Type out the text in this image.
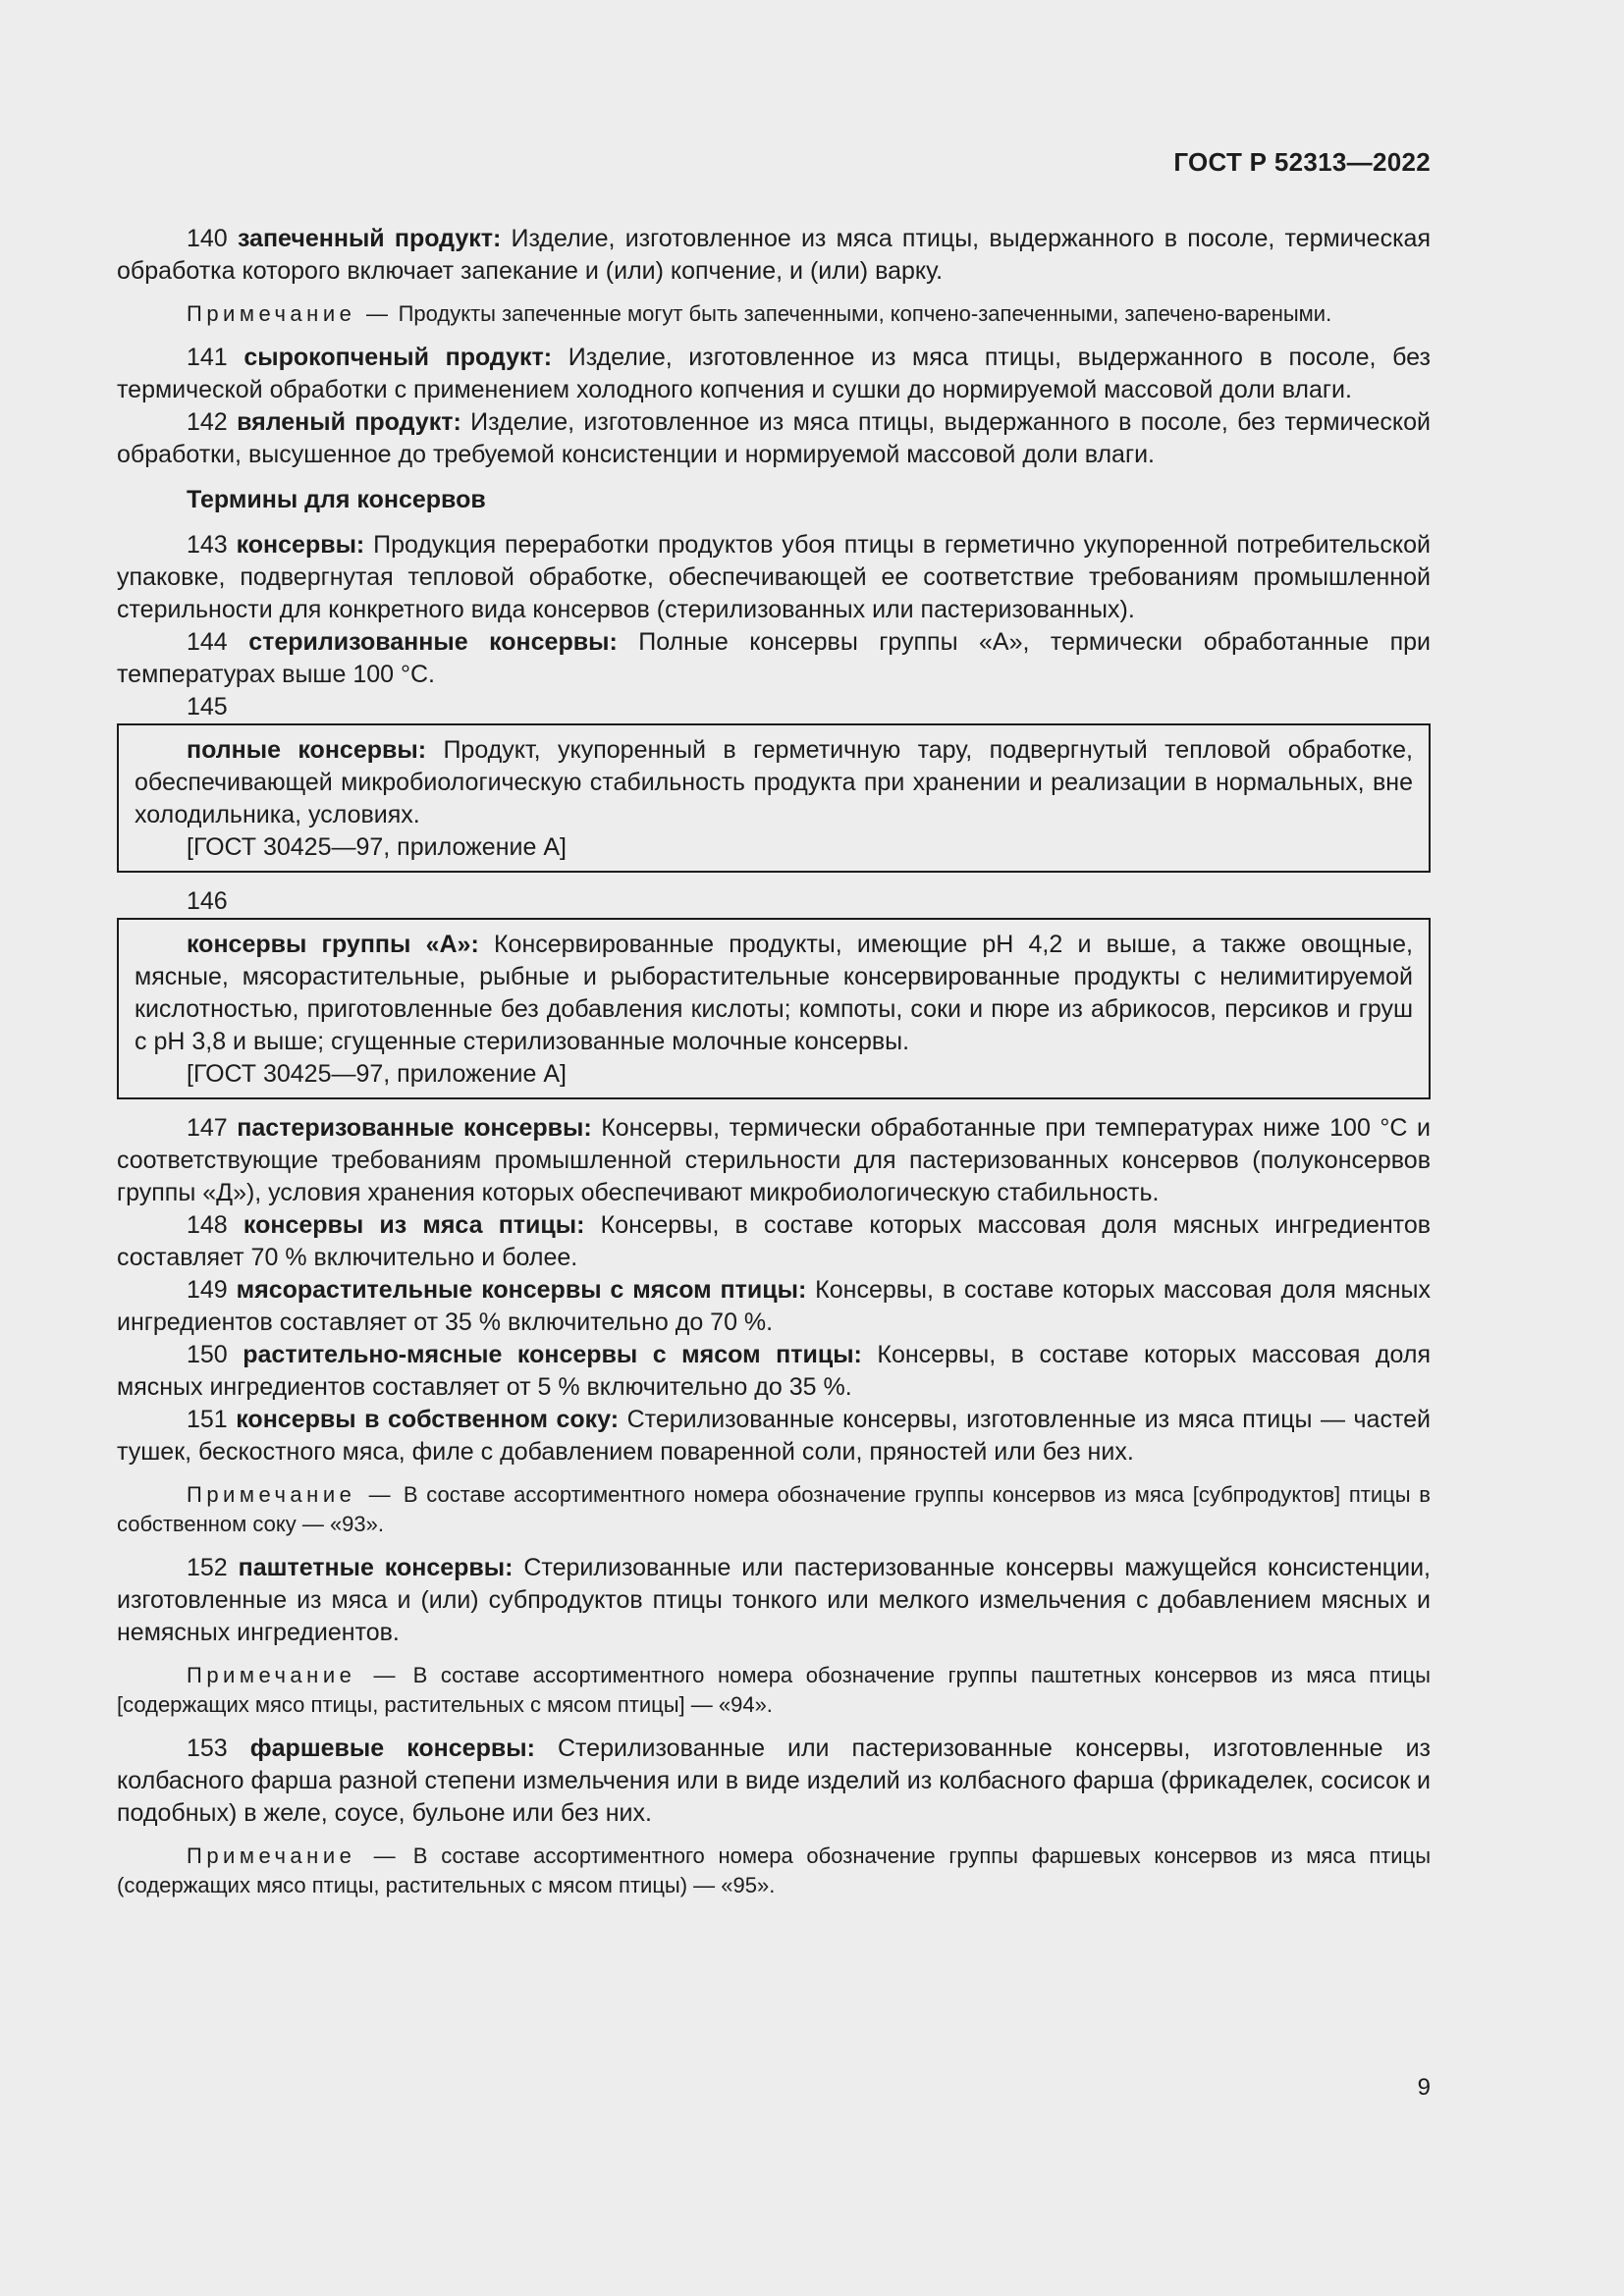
ГОСТ Р 52313—2022

140 запеченный продукт: Изделие, изготовленное из мяса птицы, выдержанного в посоле, термическая обработка которого включает запекание и (или) копчение, и (или) варку.

Примечание — Продукты запеченные могут быть запеченными, копчено-запеченными, запечено-вареными.

141 сырокопченый продукт: Изделие, изготовленное из мяса птицы, выдержанного в посоле, без термической обработки с применением холодного копчения и сушки до нормируемой массовой доли влаги.

142 вяленый продукт: Изделие, изготовленное из мяса птицы, выдержанного в посоле, без термической обработки, высушенное до требуемой консистенции и нормируемой массовой доли влаги.

Термины для консервов

143 консервы: Продукция переработки продуктов убоя птицы в герметично укупоренной потребительской упаковке, подвергнутая тепловой обработке, обеспечивающей ее соответствие требованиям промышленной стерильности для конкретного вида консервов (стерилизованных или пастеризованных).

144 стерилизованные консервы: Полные консервы группы «А», термически обработанные при температурах выше 100 °С.

145

полные консервы: Продукт, укупоренный в герметичную тару, подвергнутый тепловой обработке, обеспечивающей микробиологическую стабильность продукта при хранении и реализации в нормальных, вне холодильника, условиях.

[ГОСТ 30425—97, приложение А]
146

консервы группы «А»: Консервированные продукты, имеющие pH 4,2 и выше, а также овощные, мясные, мясорастительные, рыбные и рыборастительные консервированные продукты с нелимитируемой кислотностью, приготовленные без добавления кислоты; компоты, соки и пюре из абрикосов, персиков и груш с pH 3,8 и выше; сгущенные стерилизованные молочные консервы.

[ГОСТ 30425—97, приложение А]

147 пастеризованные консервы: Консервы, термически обработанные при температурах ниже 100 °С и соответствующие требованиям промышленной стерильности для пастеризованных консервов (полуконсервов группы «Д»), условия хранения которых обеспечивают микробиологическую стабильность.

148 консервы из мяса птицы: Консервы, в составе которых массовая доля мясных ингредиентов составляет 70 % включительно и более.

149 мясорастительные консервы с мясом птицы: Консервы, в составе которых массовая доля мясных ингредиентов составляет от 35 % включительно до 70 %.

150 растительно-мясные консервы с мясом птицы: Консервы, в составе которых массовая доля мясных ингредиентов составляет от 5 % включительно до 35 %.

151 консервы в собственном соку: Стерилизованные консервы, изготовленные из мяса птицы — частей тушек, бескостного мяса, филе с добавлением поваренной соли, пряностей или без них.

Примечание — В составе ассортиментного номера обозначение группы консервов из мяса [субпродуктов] птицы в собственном соку — «93».

152 паштетные консервы: Стерилизованные или пастеризованные консервы мажущейся консистенции, изготовленные из мяса и (или) субпродуктов птицы тонкого или мелкого измельчения с добавлением мясных и немясных ингредиентов.

Примечание — В составе ассортиментного номера обозначение группы паштетных консервов из мяса птицы [содержащих мясо птицы, растительных с мясом птицы] — «94».

153 фаршевые консервы: Стерилизованные или пастеризованные консервы, изготовленные из колбасного фарша разной степени измельчения или в виде изделий из колбасного фарша (фрикаделек, сосисок и подобных) в желе, соусе, бульоне или без них.

Примечание — В составе ассортиментного номера обозначение группы фаршевых консервов из мяса птицы (содержащих мясо птицы, растительных с мясом птицы) — «95».

9
